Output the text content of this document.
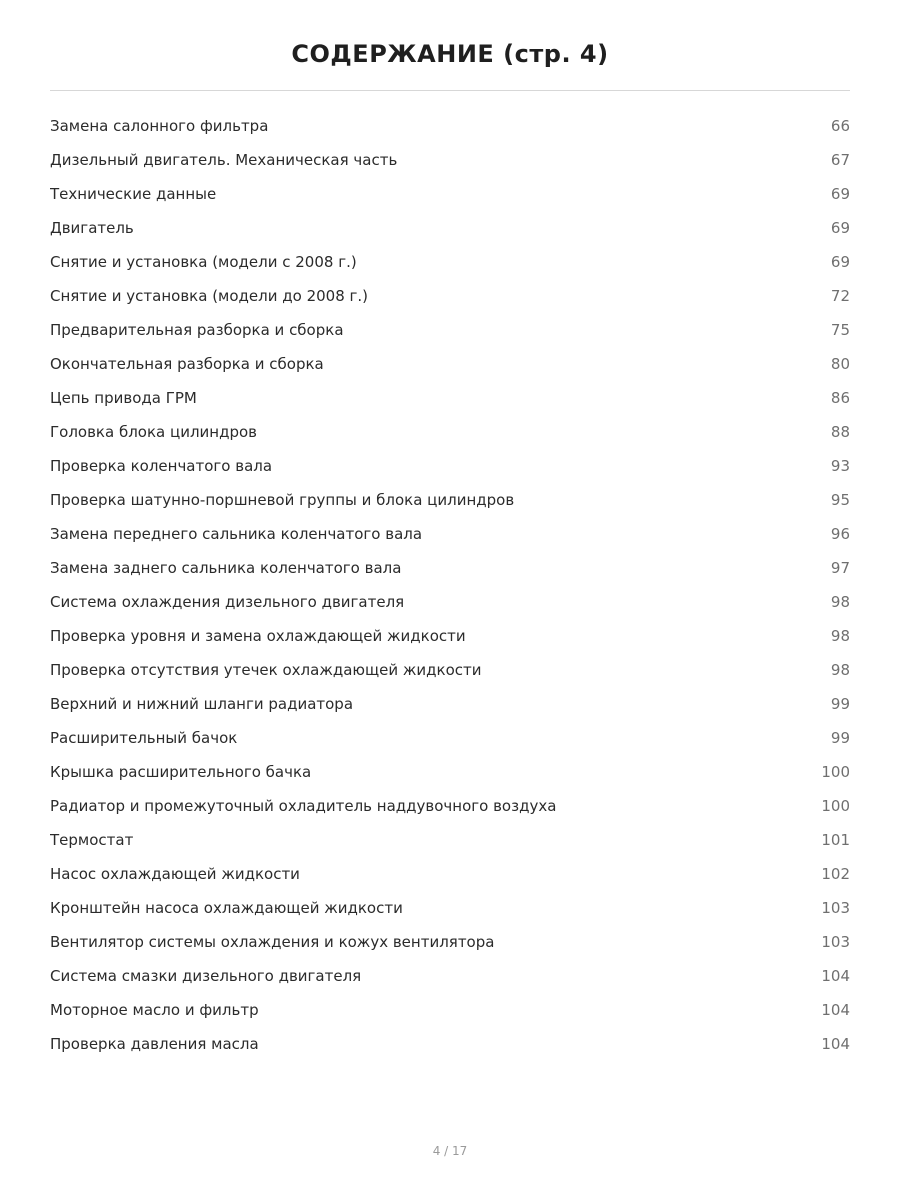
СОДЕРЖАНИЕ (стр. 4)
Замена салонного фильтра	66
Дизельный двигатель. Механическая часть	67
Технические данные	69
Двигатель	69
Снятие и установка (модели с 2008 г.)	69
Снятие и установка (модели до 2008 г.)	72
Предварительная разборка и сборка	75
Окончательная разборка и сборка	80
Цепь привода ГРМ	86
Головка блока цилиндров	88
Проверка коленчатого вала	93
Проверка шатунно-поршневой группы и блока цилиндров	95
Замена переднего сальника коленчатого вала	96
Замена заднего сальника коленчатого вала	97
Система охлаждения дизельного двигателя	98
Проверка уровня и замена охлаждающей жидкости	98
Проверка отсутствия утечек охлаждающей жидкости	98
Верхний и нижний шланги радиатора	99
Расширительный бачок	99
Крышка расширительного бачка	100
Радиатор и промежуточный охладитель наддувочного воздуха	100
Термостат	101
Насос охлаждающей жидкости	102
Кронштейн насоса охлаждающей жидкости	103
Вентилятор системы охлаждения и кожух вентилятора	103
Система смазки дизельного двигателя	104
Моторное масло и фильтр	104
Проверка давления масла	104
4 / 17
